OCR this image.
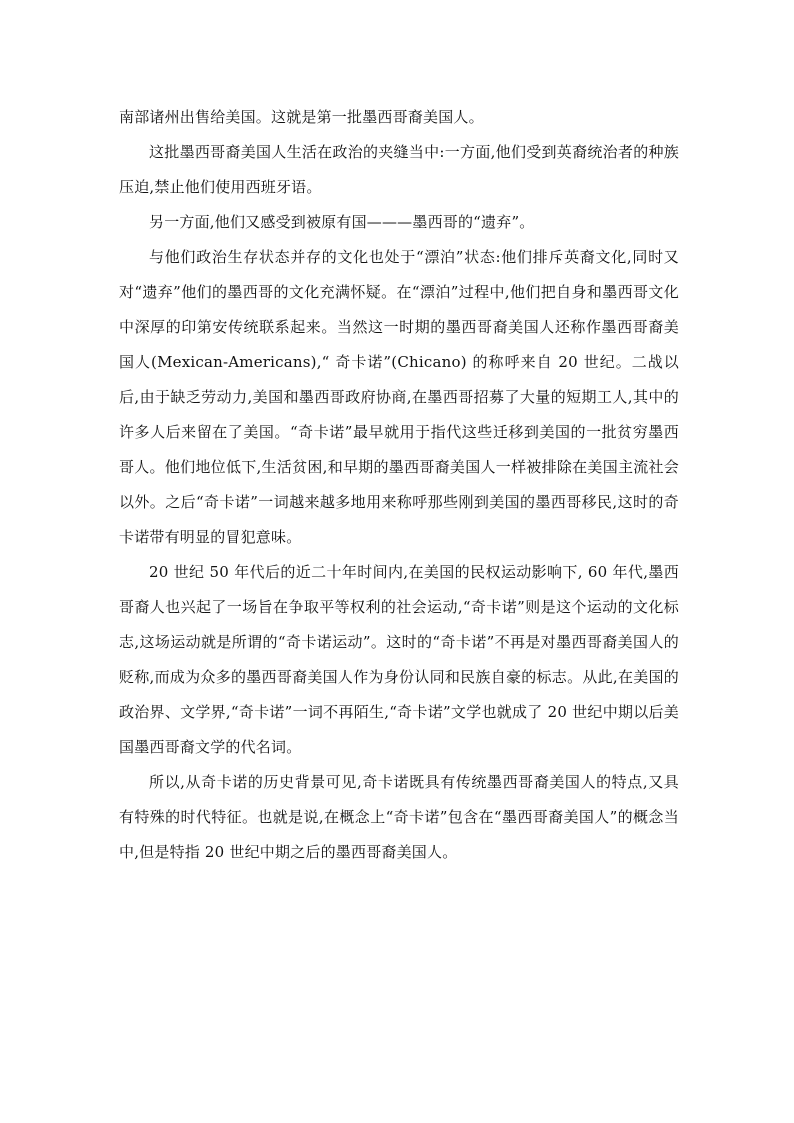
南部诸州出售给美国。这就是第一批墨西哥裔美国人。

这批墨西哥裔美国人生活在政治的夹缝当中:一方面,他们受到英裔统治者的种族压迫,禁止他们使用西班牙语。

另一方面,他们又感受到被原有国———墨西哥的“遗弃”。

与他们政治生存状态并存的文化也处于“漂泊”状态:他们排斥英裔文化,同时又对“遗弃”他们的墨西哥的文化充满怀疑。在“漂泊”过程中,他们把自身和墨西哥文化中深厚的印第安传统联系起来。当然这一时期的墨西哥裔美国人还称作墨西哥裔美国人(Mexican-Americans),“ 奇卡诺”(Chicano) 的称呼来自 20 世纪。二战以后,由于缺乏劳动力,美国和墨西哥政府协商,在墨西哥招募了大量的短期工人,其中的许多人后来留在了美国。“奇卡诺”最早就用于指代这些迁移到美国的一批贫穷墨西哥人。他们地位低下,生活贫困,和早期的墨西哥裔美国人一样被排除在美国主流社会以外。之后“奇卡诺”一词越来越多地用来称呼那些刚到美国的墨西哥移民,这时的奇卡诺带有明显的冒犯意味。

20 世纪 50 年代后的近二十年时间内,在美国的民权运动影响下, 60 年代,墨西哥裔人也兴起了一场旨在争取平等权利的社会运动,“奇卡诺”则是这个运动的文化标志,这场运动就是所谓的“奇卡诺运动”。这时的“奇卡诺”不再是对墨西哥裔美国人的贬称,而成为众多的墨西哥裔美国人作为身份认同和民族自豪的标志。从此,在美国的政治界、文学界,“奇卡诺”一词不再陌生,“奇卡诺”文学也就成了 20 世纪中期以后美国墨西哥裔文学的代名词。

所以,从奇卡诺的历史背景可见,奇卡诺既具有传统墨西哥裔美国人的特点,又具有特殊的时代特征。也就是说,在概念上“奇卡诺”包含在“墨西哥裔美国人”的概念当中,但是特指 20 世纪中期之后的墨西哥裔美国人。
